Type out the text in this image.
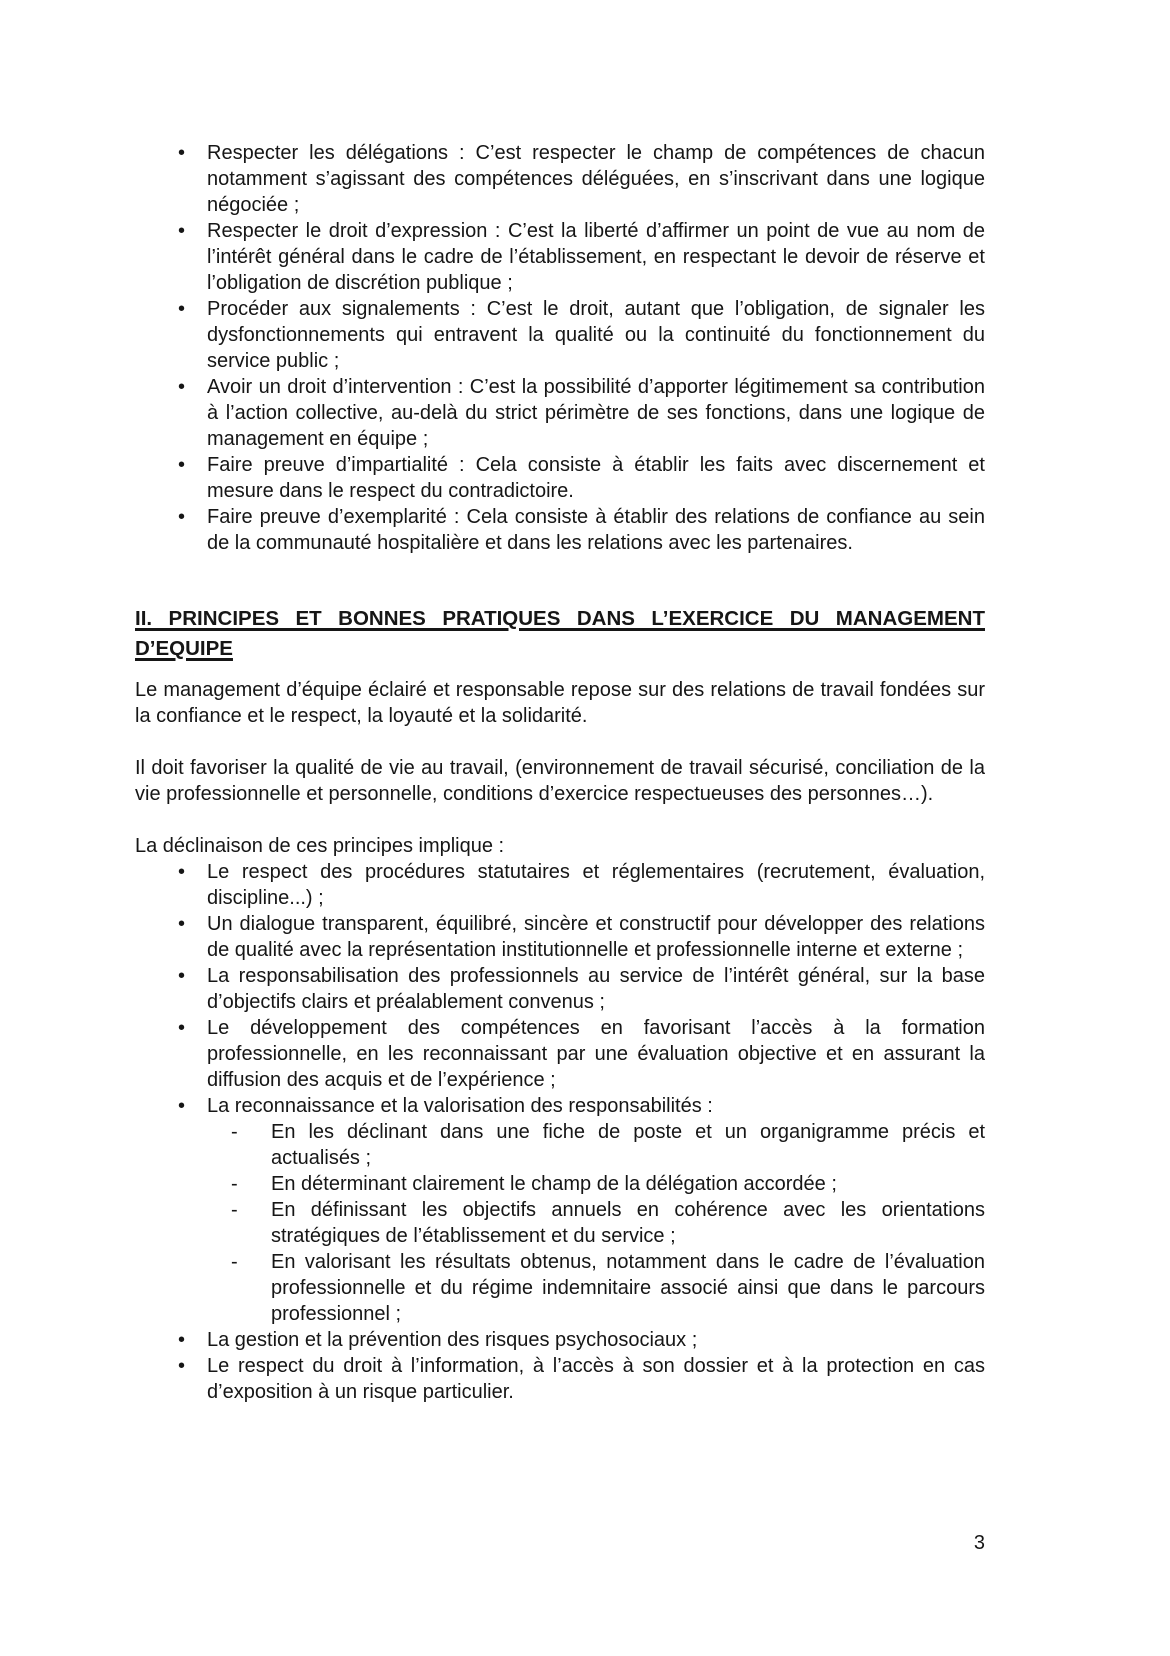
•	Respecter les délégations : C’est respecter le champ de compétences de chacun notamment s’agissant des compétences déléguées, en s’inscrivant dans une logique négociée ;
•	Respecter le droit d’expression : C’est la liberté d’affirmer un point de vue au nom de l’intérêt général dans le cadre de l’établissement, en respectant le devoir de réserve et l’obligation de discrétion publique ;
•	Procéder aux signalements : C’est le droit, autant que l’obligation, de signaler les dysfonctionnements qui entravent la qualité ou la continuité du fonctionnement du service public ;
•	Avoir un droit d’intervention : C’est la possibilité d’apporter légitimement sa contribution à l’action collective, au-delà du strict périmètre de ses fonctions, dans une logique de management en équipe ;
•	Faire preuve d’impartialité : Cela consiste à établir les faits avec discernement et mesure dans le respect du contradictoire.
•	Faire preuve d’exemplarité : Cela consiste à établir des relations de confiance au sein de la communauté hospitalière et dans les relations avec les partenaires.
II. PRINCIPES ET BONNES PRATIQUES DANS L’EXERCICE DU MANAGEMENT D’EQUIPE

Le management d’équipe éclairé et responsable repose sur des relations de travail fondées sur la confiance et le respect, la loyauté et la solidarité.

Il doit favoriser la qualité de vie au travail, (environnement de travail sécurisé, conciliation de la vie professionnelle et personnelle, conditions d’exercice respectueuses des personnes…).

La déclinaison de ces principes implique :

•	Le respect des procédures statutaires et réglementaires (recrutement, évaluation, discipline...) ;
•	Un dialogue transparent, équilibré, sincère et constructif pour développer des relations de qualité avec la représentation institutionnelle et professionnelle interne et externe ;
•	La responsabilisation des professionnels au service de l’intérêt général, sur la base d’objectifs clairs et préalablement convenus ;
•	Le développement des compétences en favorisant l’accès à la formation professionnelle, en les reconnaissant par une évaluation objective et en assurant la diffusion des acquis et de l’expérience ;
•	La reconnaissance et la valorisation des responsabilités :
-	En les déclinant dans une fiche de poste et un organigramme précis et actualisés ;
-	En déterminant clairement le champ de la délégation accordée ;
-	En définissant les objectifs annuels en cohérence avec les orientations stratégiques de l’établissement et du service ;
-	En valorisant les résultats obtenus, notamment dans le cadre de l’évaluation professionnelle et du régime indemnitaire associé ainsi que dans le parcours professionnel ;
•	La gestion et la prévention des risques psychosociaux ;
•	Le respect du droit à l’information, à l’accès à son dossier et à la protection en cas d’exposition à un risque particulier.
3
